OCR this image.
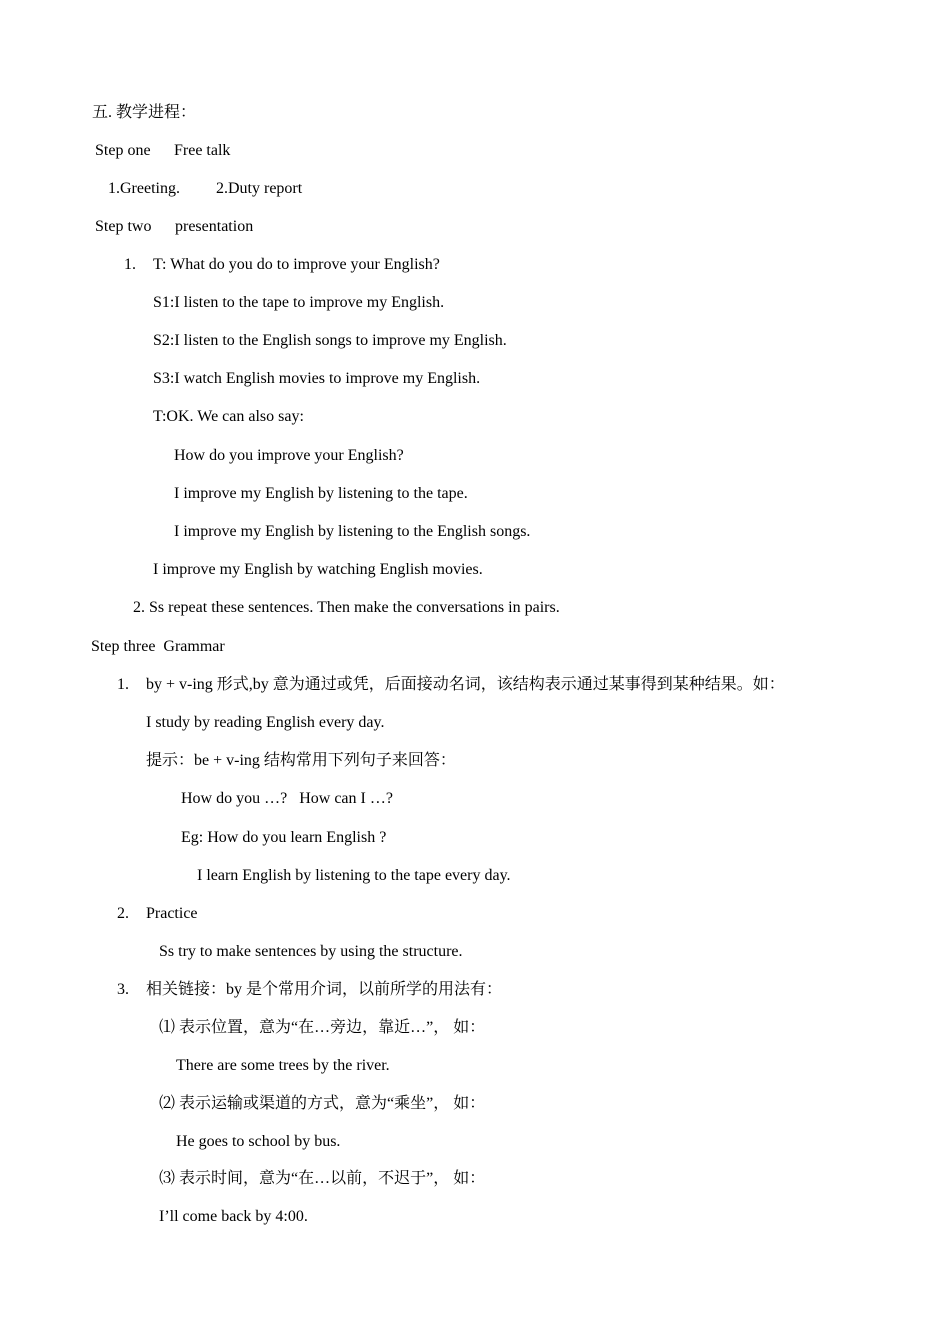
五. 教学进程：
Step one Free talk
1.Greeting. 2.Duty report
Step two presentation
1. T: What do you do to improve your English?
S1:I listen to the tape to improve my English.
S2:I listen to the English songs to improve my English.
S3:I watch English movies to improve my English.
T:OK. We can also say:
How do you improve your English?
I improve my English by listening to the tape.
I improve my English by listening to the English songs.
I improve my English by watching English movies.
2. Ss repeat these sentences. Then make the conversations in pairs.
Step three  Grammar
1. by + v-ing 形式,by 意为通过或凭，后面接动名词，该结构表示通过某事得到某种结果。如：
I study by reading English every day.
提示：be + v-ing 结构常用下列句子来回答：
How do you …?   How can I …?
Eg: How do you learn English ?
I learn English by listening to the tape every day.
2. Practice
Ss try to make sentences by using the structure.
3. 相关链接：by 是个常用介词，以前所学的用法有：
⑴ 表示位置，意为“在…旁边，靠近…”， 如：
There are some trees by the river.
⑵ 表示运输或渠道的方式，意为“乘坐”， 如：
He goes to school by bus.
⑶ 表示时间，意为“在…以前，不迟于”， 如：
I’ll come back by 4:00.
